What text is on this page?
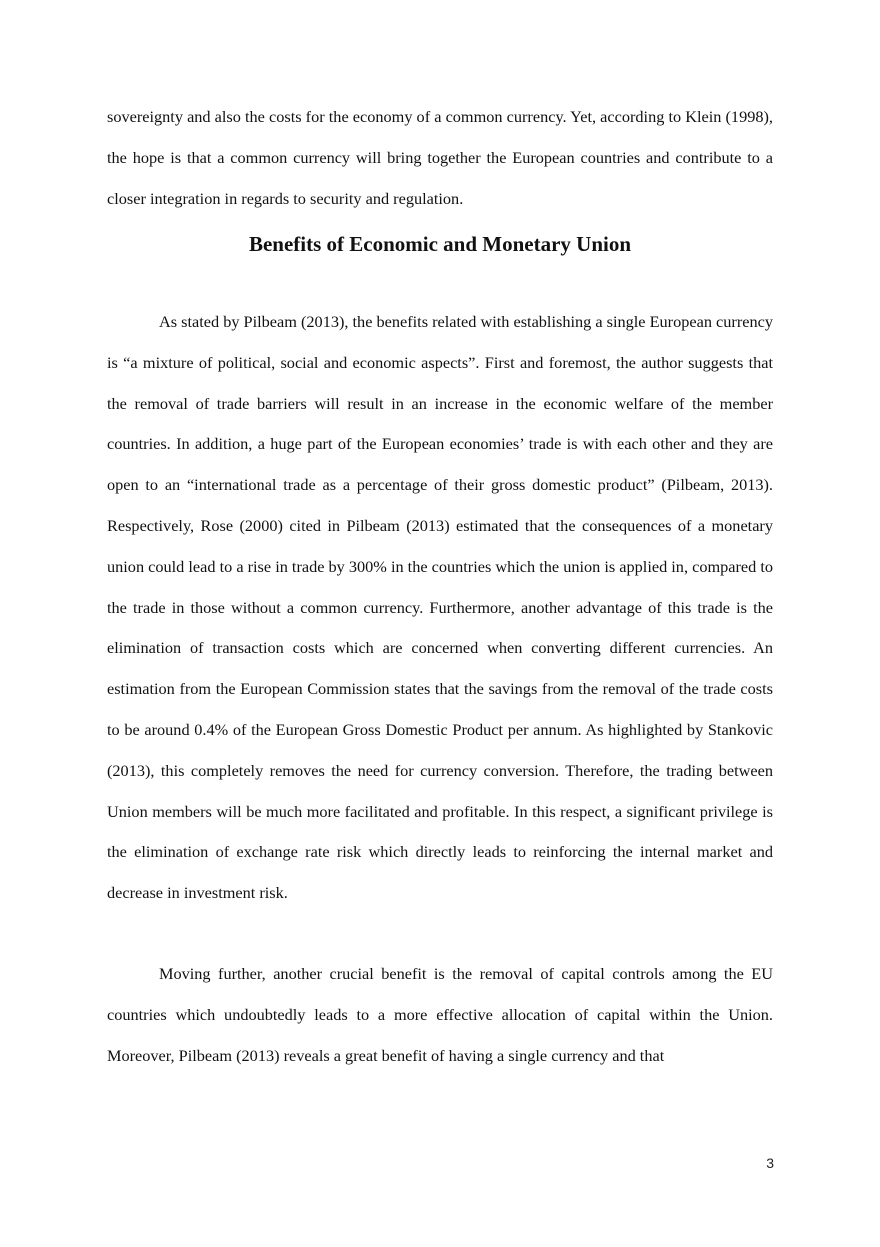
sovereignty and also the costs for the economy of a common currency. Yet, according to Klein (1998), the hope is that a common currency will bring together the European countries and contribute to a closer integration in regards to security and regulation.

Benefits of Economic and Monetary Union

As stated by Pilbeam (2013), the benefits related with establishing a single European currency is “a mixture of political, social and economic aspects”. First and foremost, the author suggests that the removal of trade barriers will result in an increase in the economic welfare of the member countries. In addition, a huge part of the European economies’ trade is with each other and they are open to an “international trade as a percentage of their gross domestic product” (Pilbeam, 2013). Respectively, Rose (2000) cited in Pilbeam (2013) estimated that the consequences of a monetary union could lead to a rise in trade by 300% in the countries which the union is applied in, compared to the trade in those without a common currency. Furthermore, another advantage of this trade is the elimination of transaction costs which are concerned when converting different currencies. An estimation from the European Commission states that the savings from the removal of the trade costs to be around 0.4% of the European Gross Domestic Product per annum. As highlighted by Stankovic (2013), this completely removes the need for currency conversion. Therefore, the trading between Union members will be much more facilitated and profitable. In this respect, a significant privilege is the elimination of exchange rate risk which directly leads to reinforcing the internal market and decrease in investment risk.

Moving further, another crucial benefit is the removal of capital controls among the EU countries which undoubtedly leads to a more effective allocation of capital within the Union. Moreover, Pilbeam (2013) reveals a great benefit of having a single currency and that

3
